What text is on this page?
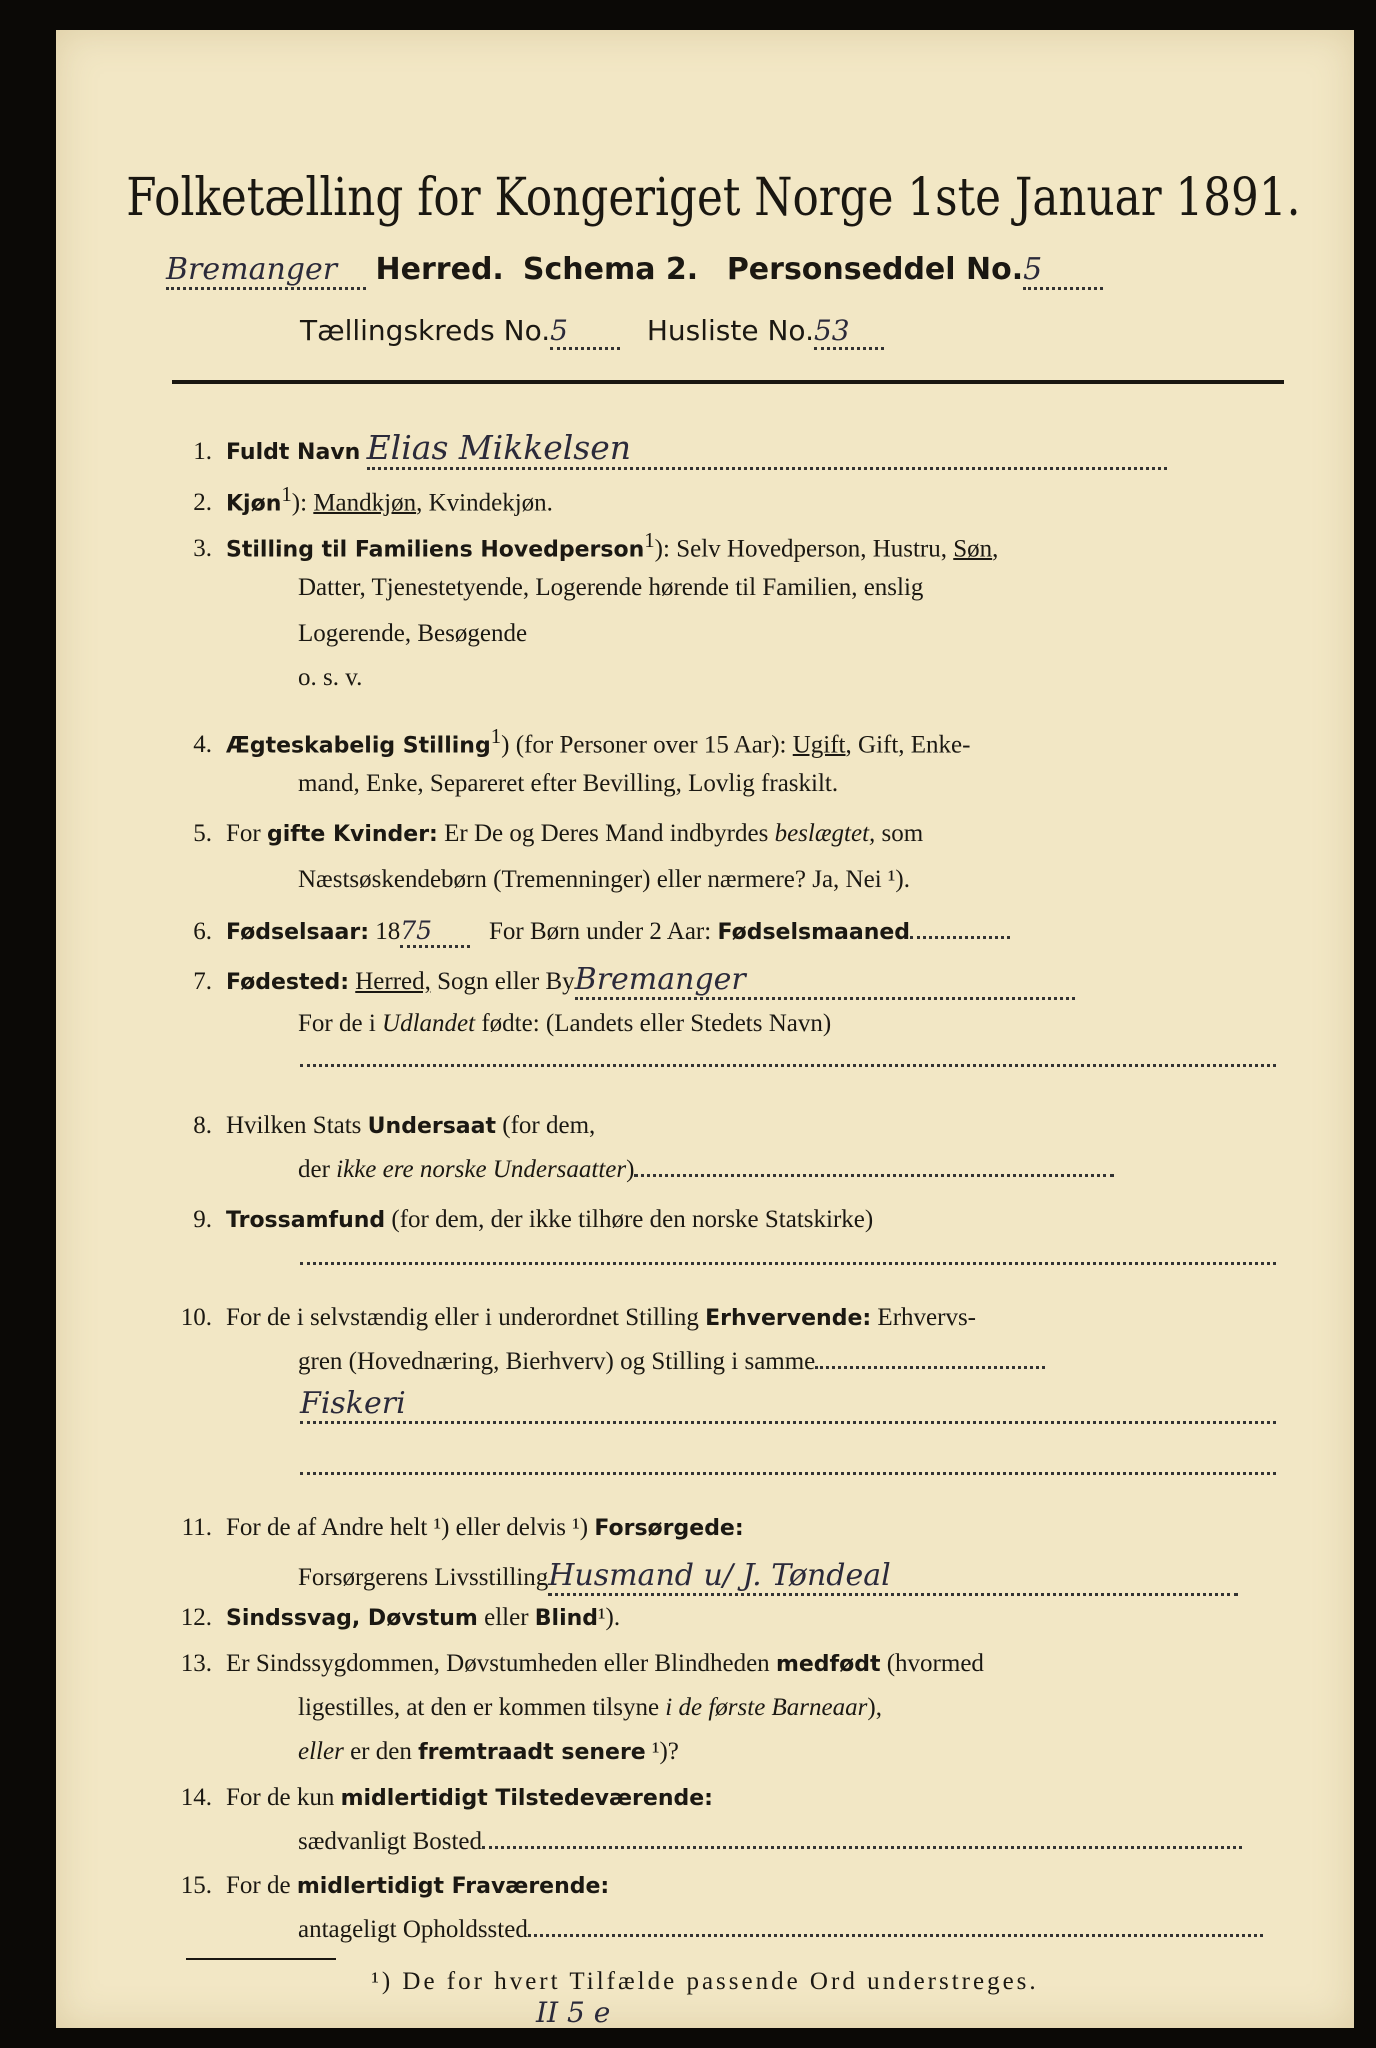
Folketælling for Kongeriget Norge 1ste Januar 1891.
Bremanger Herred. Schema 2. Personseddel No.5
Tællingskreds No.5	Husliste No.53
1. Fuldt Navn Elias Mikkelsen
2. Kjøn$^1$): Mandkjøn, Kvindekjøn.
3. Stilling til Familiens Hovedperson$^1$): Selv Hovedperson, Hustru, Søn,
Datter, Tjenestetyende, Logerende hørende til Familien, enslig
Logerende, Besøgende
o. s. v.
4. Ægteskabelig Stilling$^1$) (for Personer over 15 Aar): Ugift, Gift, Enke-
mand, Enke, Separeret efter Bevilling, Lovlig fraskilt.
5. For gifte Kvinder: Er De og Deres Mand indbyrdes beslægtet, som
Næstsøskendebørn (Tremenninger) eller nærmere? Ja, Nei ¹).
6. Fødselsaar: 1875 For Børn under 2 Aar: Fødselsmaaned
7. Fødested: Herred, Sogn eller ByBremanger
For de i Udlandet fødte: (Landets eller Stedets Navn)
8. Hvilken Stats Undersaat (for dem,
der ikke ere norske Undersaatter)
9. Trossamfund (for dem, der ikke tilhøre den norske Statskirke)
10. For de i selvstændig eller i underordnet Stilling Erhvervende: Erhvervs-
gren (Hovednæring, Bierhverv) og Stilling i samme
Fiskeri
11. For de af Andre helt ¹) eller delvis ¹) Forsørgede:
Forsørgerens LivsstillingHusmand u/ J. Tøndeal
12. Sindssvag, Døvstum eller Blind¹).
13. Er Sindssygdommen, Døvstumheden eller Blindheden medfødt (hvormed
ligestilles, at den er kommen tilsyne i de første Barneaar),
eller er den fremtraadt senere ¹)?
14. For de kun midlertidigt Tilstedeværende:
sædvanligt Bosted
15. For de midlertidigt Fraværende:
antageligt Opholdssted
¹) De for hvert Tilfælde passende Ord understreges.
II 5 e
